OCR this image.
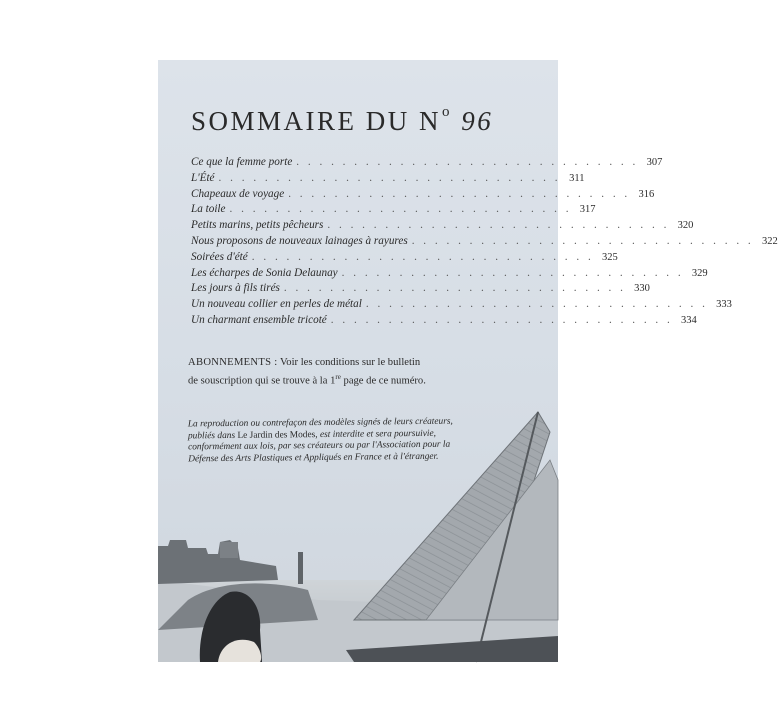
SOMMAIRE DU $N^o$ 96
Ce que la femme porte . . . . . . . . . . . . . . . . . . . . . . . . . . . . . . 307
L'Été . . . . . . . . . . . . . . . . . . . . . . . . . . . . . . 311
Chapeaux de voyage . . . . . . . . . . . . . . . . . . . . . . . . . . . . . . 316
La toile . . . . . . . . . . . . . . . . . . . . . . . . . . . . . . 317
Petits marins, petits pêcheurs . . . . . . . . . . . . . . . . . . . . . . . . . . . . . . 320
Nous proposons de nouveaux lainages à rayures . . . . . . . . . . . . . . . . . . . . . . . . . . . . . . 322
Soirées d'été . . . . . . . . . . . . . . . . . . . . . . . . . . . . . . 325
Les écharpes de Sonia Delaunay . . . . . . . . . . . . . . . . . . . . . . . . . . . . . . 329
Les jours à fils tirés . . . . . . . . . . . . . . . . . . . . . . . . . . . . . . 330
Un nouveau collier en perles de métal . . . . . . . . . . . . . . . . . . . . . . . . . . . . . . 333
Un charmant ensemble tricoté . . . . . . . . . . . . . . . . . . . . . . . . . . . . . . 334

ABONNEMENTS : Voir les conditions sur le bulletin
de souscription qui se trouve à la 1re page de ce numéro.

La reproduction ou contrefaçon des modèles signés de leurs créateurs, publiés dans Le Jardin des Modes, est interdite et sera poursuivie, conformément aux lois, par ses créateurs ou par l'Association pour la Défense des Arts Plastiques et Appliqués en France et à l'étranger.
